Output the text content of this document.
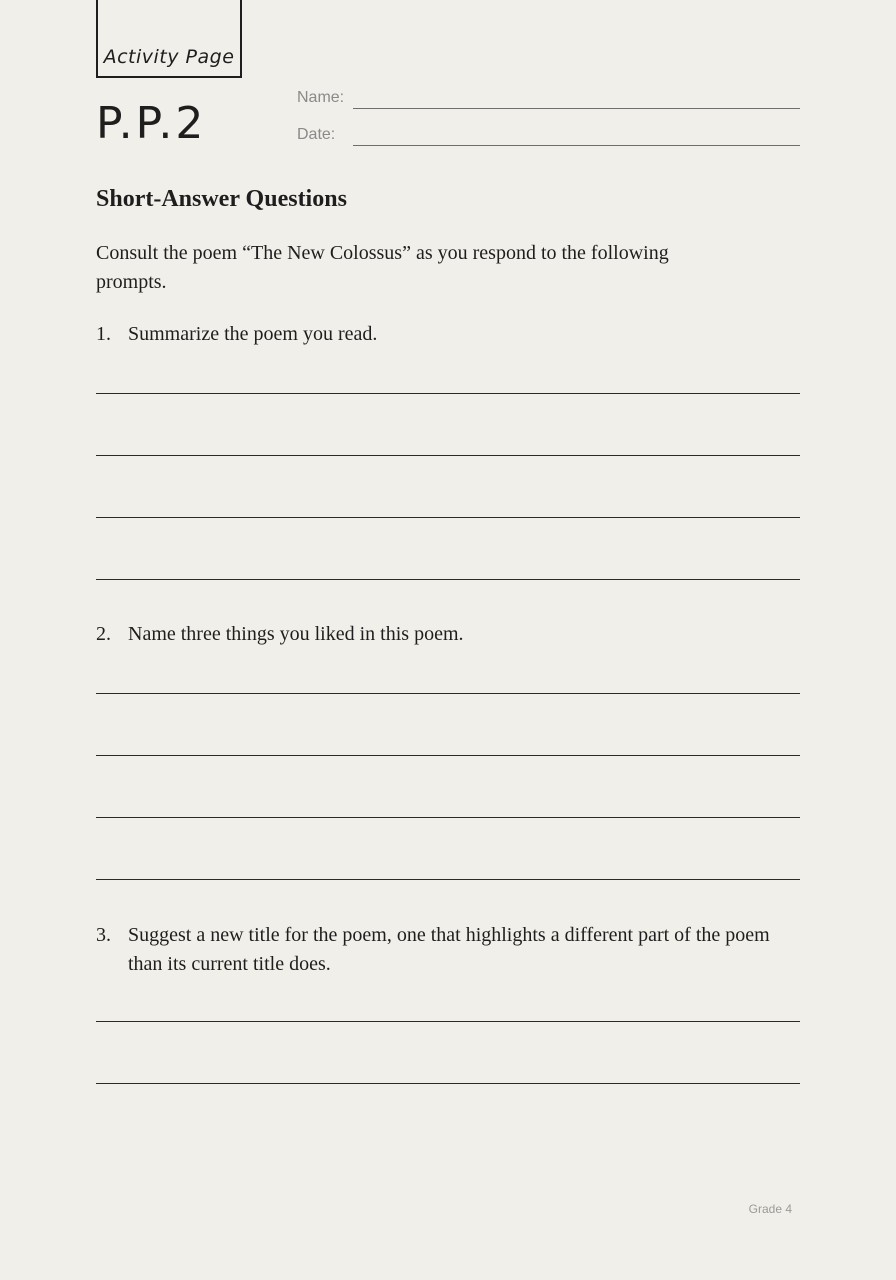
Activity Page
P.P.2
Name:
Date:
Short-Answer Questions
Consult the poem “The New Colossus” as you respond to the following prompts.
1. Summarize the poem you read.
2. Name three things you liked in this poem.
3. Suggest a new title for the poem, one that highlights a different part of the poem than its current title does.
Grade 4
